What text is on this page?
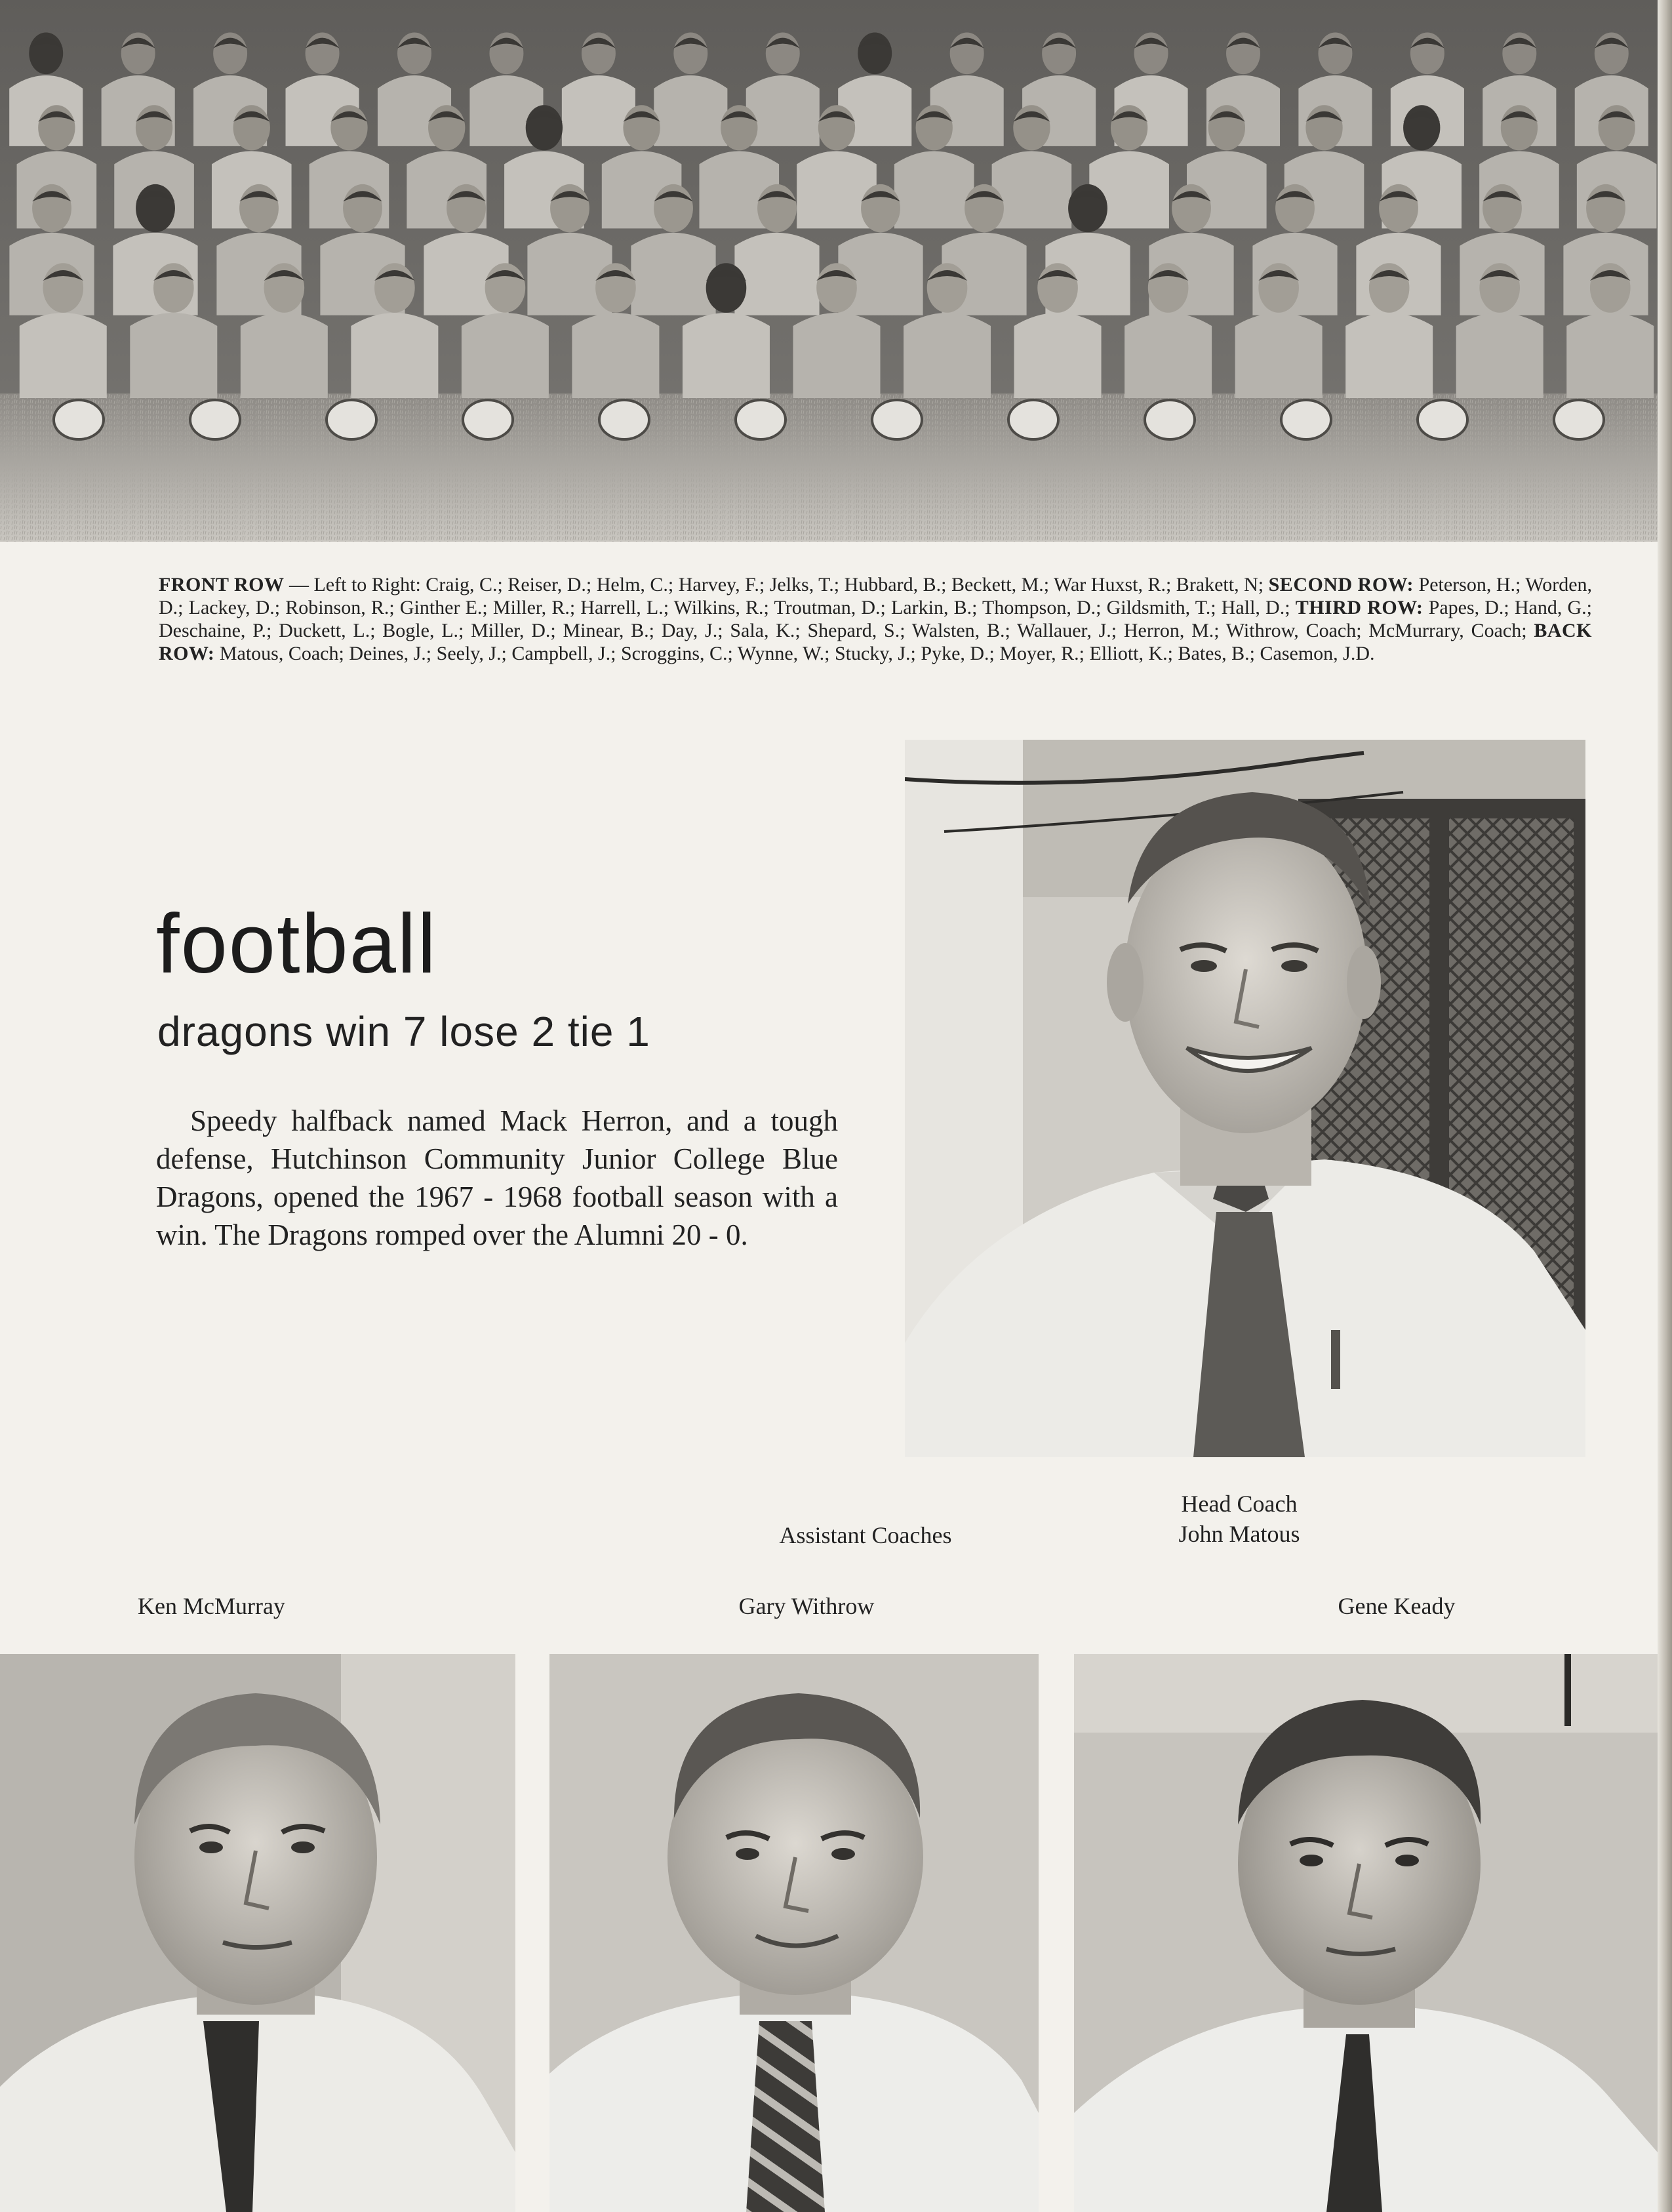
FRONT ROW — Left to Right: Craig, C.; Reiser, D.; Helm, C.; Harvey, F.; Jelks, T.; Hubbard, B.; Beckett, M.; War Huxst, R.; Brakett, N; SECOND ROW: Peterson, H.; Worden, D.; Lackey, D.; Robinson, R.; Ginther E.; Miller, R.; Harrell, L.; Wilkins, R.; Troutman, D.; Larkin, B.; Thompson, D.; Gildsmith, T.; Hall, D.; THIRD ROW: Papes, D.; Hand, G.; Deschaine, P.; Duckett, L.; Bogle, L.; Miller, D.; Minear, B.; Day, J.; Sala, K.; Shepard, S.; Walsten, B.; Wallauer, J.; Herron, M.; Withrow, Coach; McMurrary, Coach; BACK ROW: Matous, Coach; Deines, J.; Seely, J.; Campbell, J.; Scroggins, C.; Wynne, W.; Stucky, J.; Pyke, D.; Moyer, R.; Elliott, K.; Bates, B.; Casemon, J.D.
football
dragons win 7 lose 2 tie 1
Speedy halfback named Mack Herron, and a tough defense, Hutchinson Community Junior College Blue Dragons, opened the 1967 - 1968 football season with a win. The Dragons romped over the Alumni 20 - 0.
Head Coach
John Matous
Assistant Coaches
Ken McMurray	Gary Withrow	Gene Keady
